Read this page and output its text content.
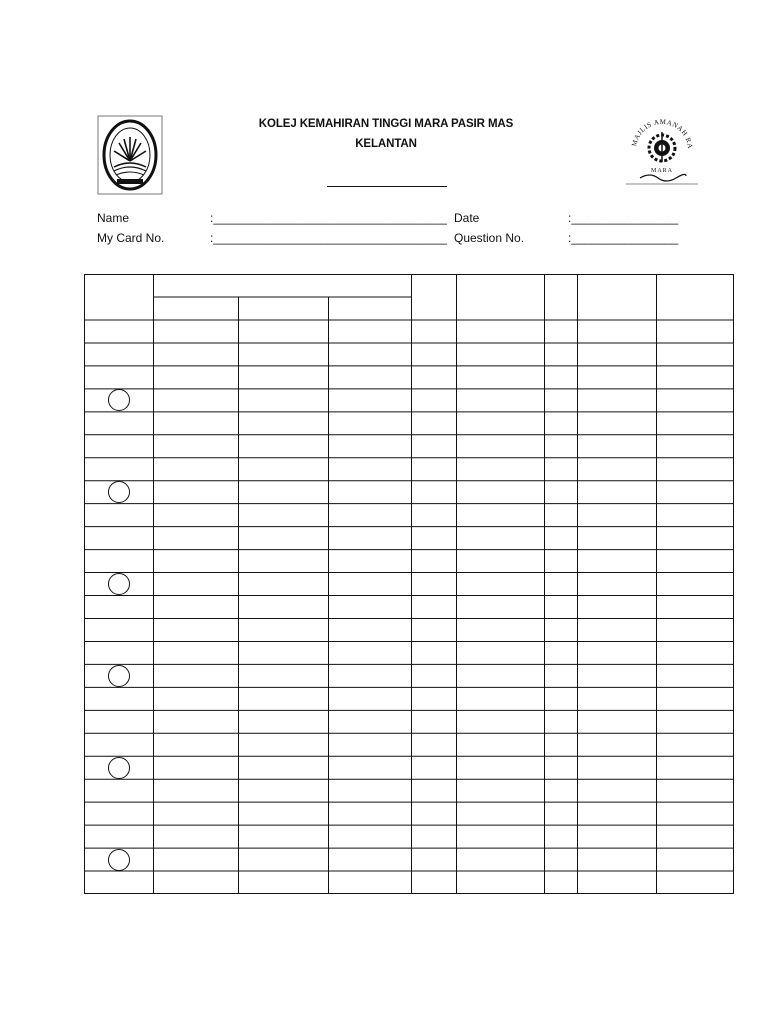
KOLEJ KEMAHIRAN TINGGI MARA PASIR MAS
KELANTAN	MAJLIS AMANAH RA
MARA
Name	:___________________________________ Date	:________________
My Card No.	:___________________________________ Question No.	:________________
